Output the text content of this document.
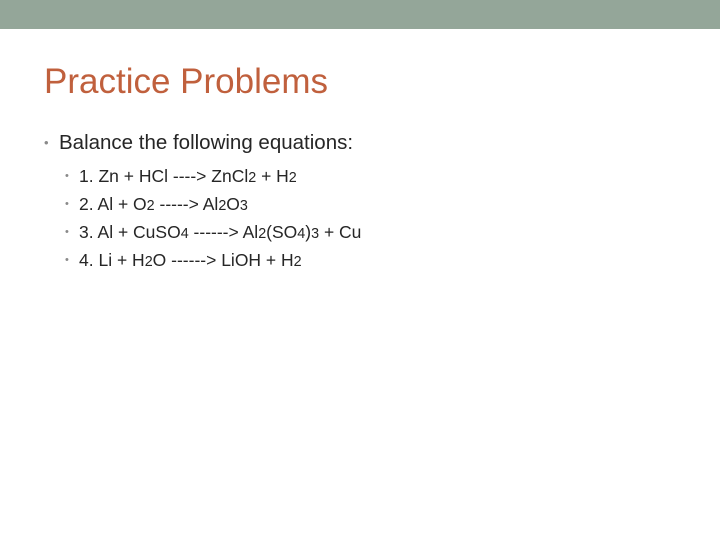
Practice Problems
• Balance the following equations:
• 1. Zn + HCl ----> ZnCl2 + H2
• 2. Al + O2 -----> Al2O3
• 3. Al + CuSO4 ------> Al2(SO4)3 + Cu
• 4. Li + H2O ------> LiOH + H2
